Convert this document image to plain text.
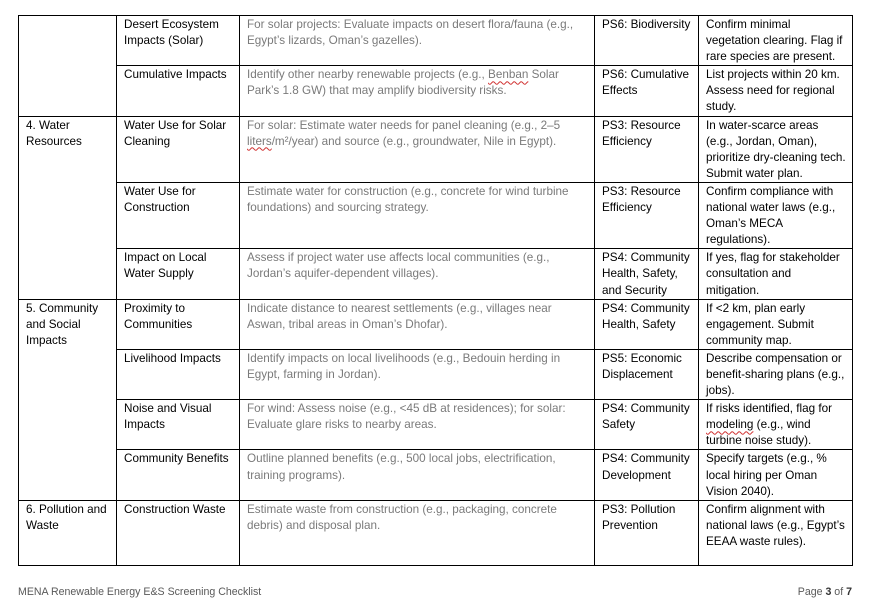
	Desert Ecosystem Impacts (Solar)	For solar projects: Evaluate impacts on desert flora/fauna (e.g., Egypt’s lizards, Oman’s gazelles).	PS6: Biodiversity	Confirm minimal vegetation clearing. Flag if rare species are present.
	Cumulative Impacts	Identify other nearby renewable projects (e.g., Benban Solar Park’s 1.8 GW) that may amplify biodiversity risks.	PS6: Cumulative Effects	List projects within 20 km. Assess need for regional study.
4. Water Resources	Water Use for Solar Cleaning	For solar: Estimate water needs for panel cleaning (e.g., 2–5 liters/m²/year) and source (e.g., groundwater, Nile in Egypt).	PS3: Resource Efficiency	In water-scarce areas (e.g., Jordan, Oman), prioritize dry-cleaning tech. Submit water plan.
	Water Use for Construction	Estimate water for construction (e.g., concrete for wind turbine foundations) and sourcing strategy.	PS3: Resource Efficiency	Confirm compliance with national water laws (e.g., Oman’s MECA regulations).
	Impact on Local Water Supply	Assess if project water use affects local communities (e.g., Jordan’s aquifer-dependent villages).	PS4: Community Health, Safety, and Security	If yes, flag for stakeholder consultation and mitigation.
5. Community and Social Impacts	Proximity to Communities	Indicate distance to nearest settlements (e.g., villages near Aswan, tribal areas in Oman’s Dhofar).	PS4: Community Health, Safety	If <2 km, plan early engagement. Submit community map.
	Livelihood Impacts	Identify impacts on local livelihoods (e.g., Bedouin herding in Egypt, farming in Jordan).	PS5: Economic Displacement	Describe compensation or benefit-sharing plans (e.g., jobs).
	Noise and Visual Impacts	For wind: Assess noise (e.g., <45 dB at residences); for solar: Evaluate glare risks to nearby areas.	PS4: Community Safety	If risks identified, flag for modeling (e.g., wind turbine noise study).
	Community Benefits	Outline planned benefits (e.g., 500 local jobs, electrification, training programs).	PS4: Community Development	Specify targets (e.g., % local hiring per Oman Vision 2040).
6. Pollution and Waste	Construction Waste	Estimate waste from construction (e.g., packaging, concrete debris) and disposal plan.	PS3: Pollution Prevention	Confirm alignment with national laws (e.g., Egypt’s EEAA waste rules).
MENA Renewable Energy E&S Screening Checklist	Page 3 of 7
